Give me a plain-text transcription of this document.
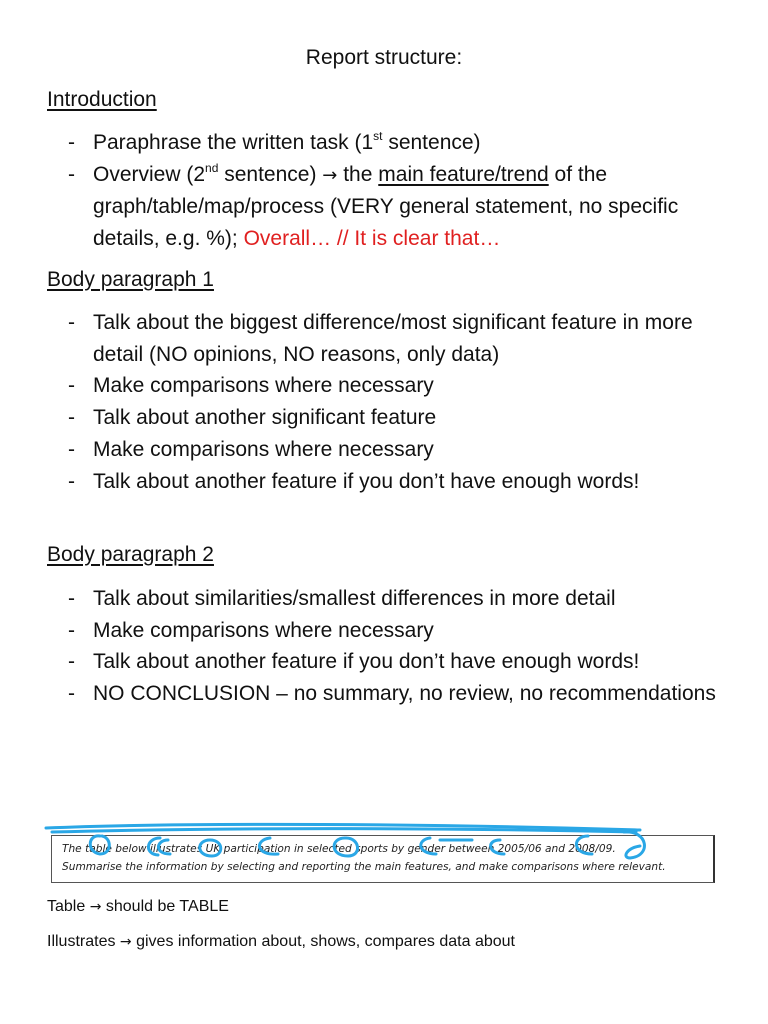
Report structure:
Introduction
- Paraphrase the written task (1st sentence)
- Overview (2nd sentence) → the main feature/trend of the graph/table/map/process (VERY general statement, no specific details, e.g. %); Overall… // It is clear that…
Body paragraph 1
- Talk about the biggest difference/most significant feature in more detail (NO opinions, NO reasons, only data)
- Make comparisons where necessary
- Talk about another significant feature
- Make comparisons where necessary
- Talk about another feature if you don’t have enough words!
Body paragraph 2
- Talk about similarities/smallest differences in more detail
- Make comparisons where necessary
- Talk about another feature if you don’t have enough words!
- NO CONCLUSION – no summary, no review, no recommendations
The table below illustrates UK participation in selected sports by gender between 2005/06 and 2008/09.
Summarise the information by selecting and reporting the main features, and make comparisons where relevant.
Table → should be TABLE
Illustrates → gives information about, shows, compares data about
